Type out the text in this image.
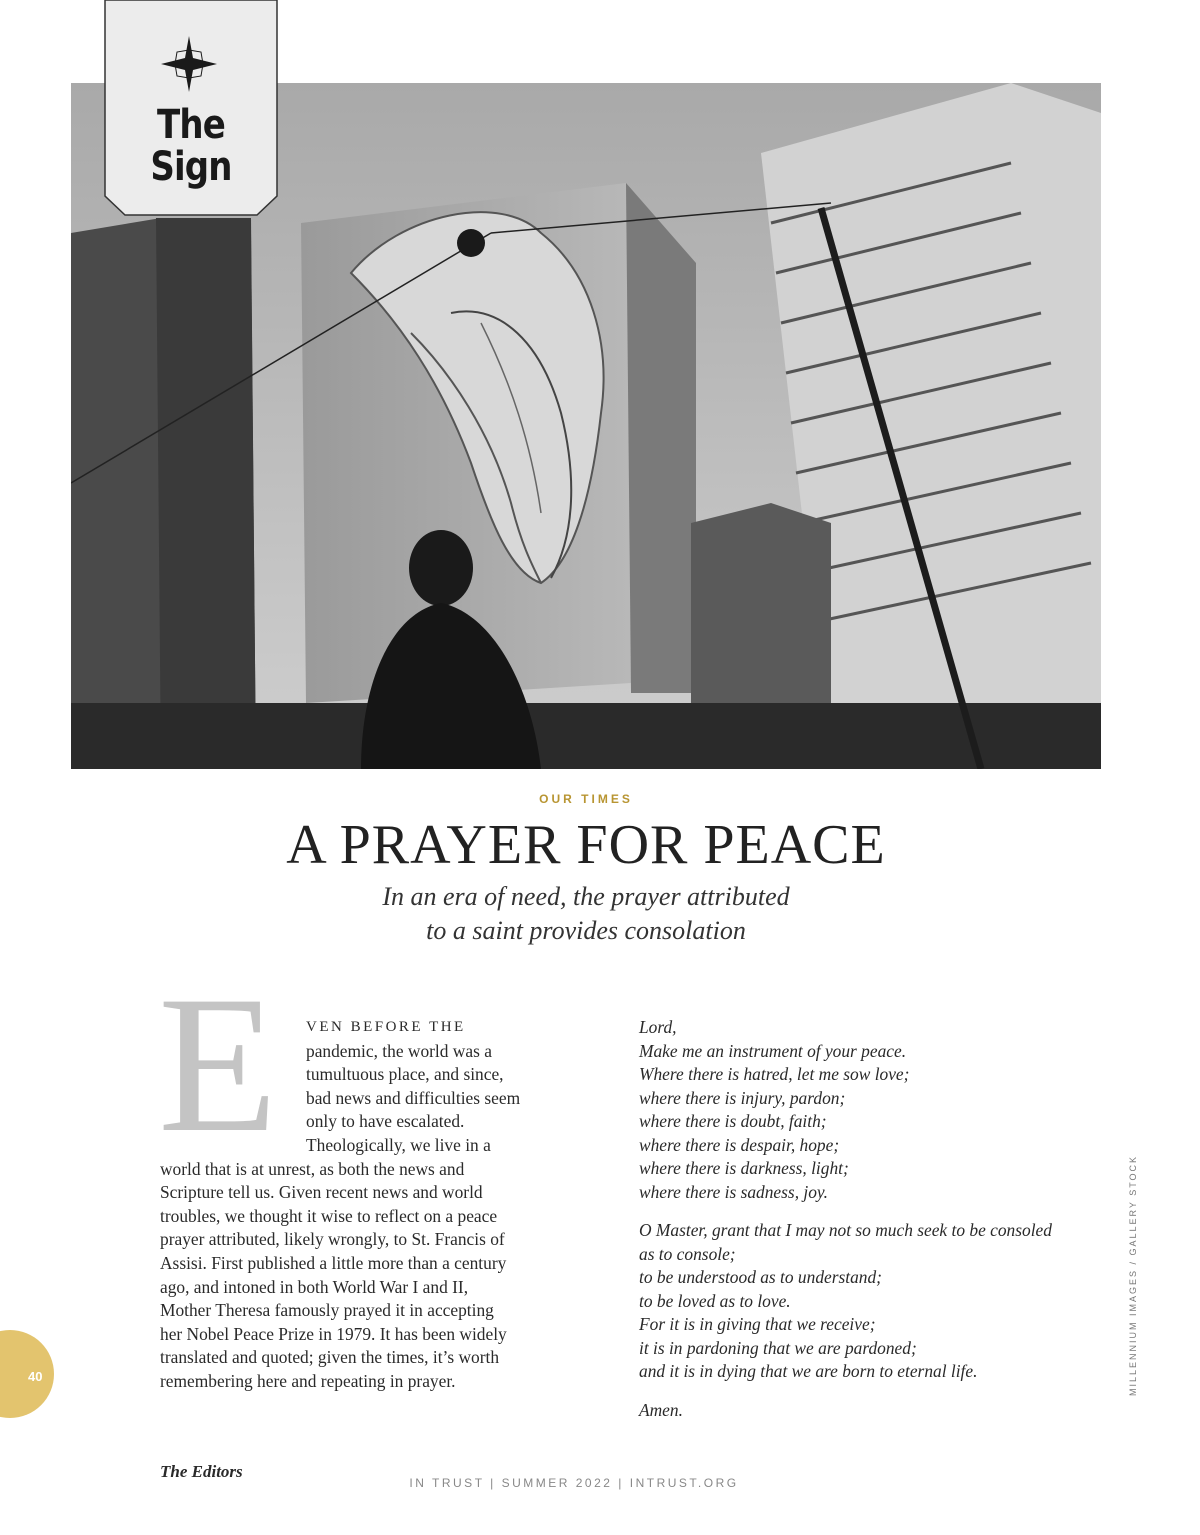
The
Sign
OUR TIMES
A PRAYER FOR PEACE
In an era of need, the prayer attributed
to a saint provides consolation
E	VEN BEFORE THE
pandemic, the world was a
tumultuous place, and since,
bad news and difficulties seem
only to have escalated.
Theologically, we live in a
world that is at unrest, as both the news and
Scripture tell us. Given recent news and world
troubles, we thought it wise to reflect on a peace
prayer attributed, likely wrongly, to St. Francis of
Assisi. First published a little more than a century
ago, and intoned in both World War I and II,
Mother Theresa famously prayed it in accepting
her Nobel Peace Prize in 1979. It has been widely
translated and quoted; given the times, it’s worth
remembering here and repeating in prayer.
The Editors
Lord,
Make me an instrument of your peace.
Where there is hatred, let me sow love;
where there is injury, pardon;
where there is doubt, faith;
where there is despair, hope;
where there is darkness, light;
where there is sadness, joy.
O Master, grant that I may not so much seek to be consoled
as to console;
to be understood as to understand;
to be loved as to love.
For it is in giving that we receive;
it is in pardoning that we are pardoned;
and it is in dying that we are born to eternal life.
Amen.
MILLENNIUM IMAGES / GALLERY STOCK
40
IN TRUST | SUMMER 2022 | INTRUST.ORG
